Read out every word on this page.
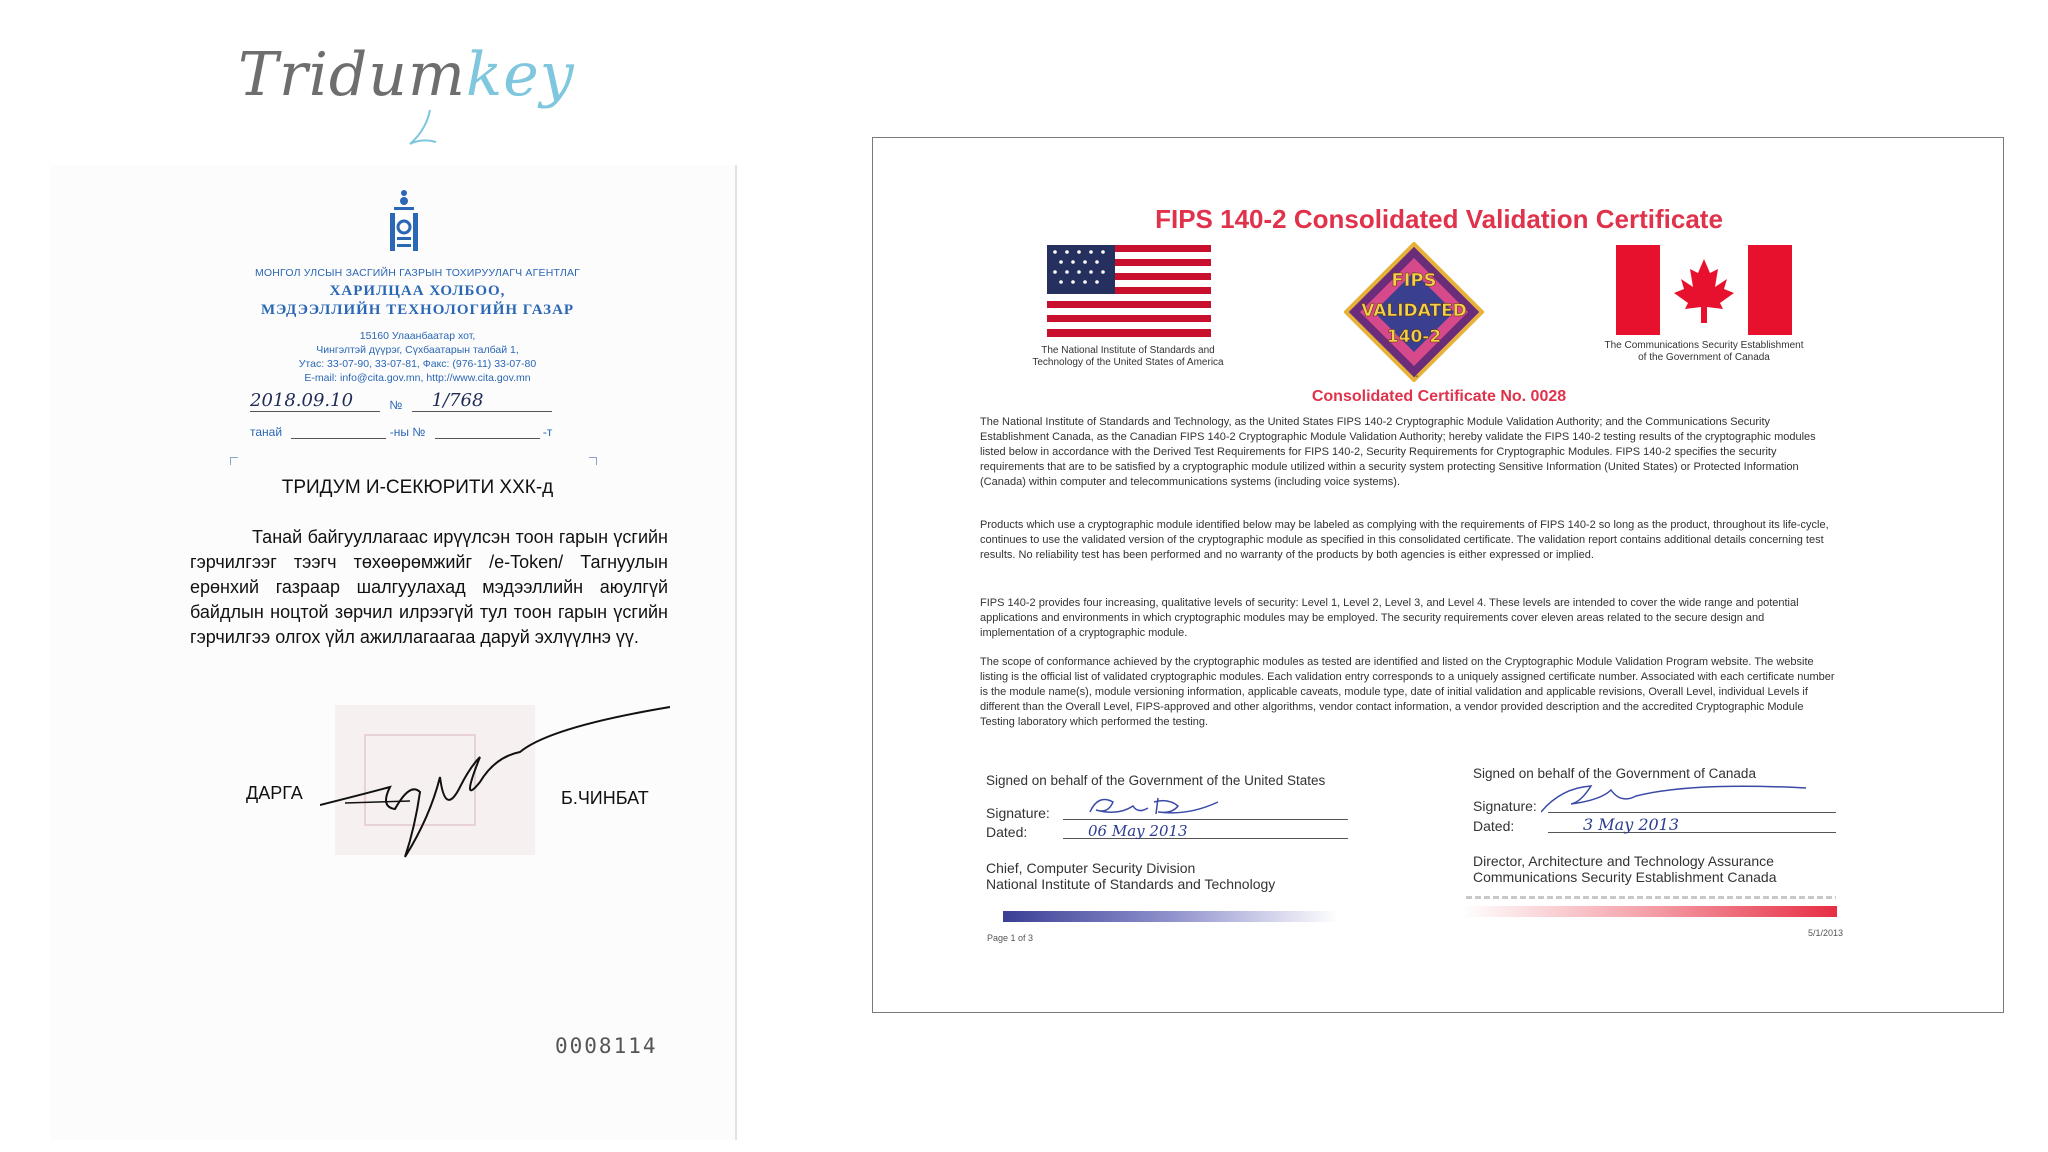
Tridumkey
МОНГОЛ УЛСЫН ЗАСГИЙН ГАЗРЫН ТОХИРУУЛАГЧ АГЕНТЛАГ
ХАРИЛЦАА ХОЛБОО,
МЭДЭЭЛЛИЙН ТЕХНОЛОГИЙН ГАЗАР
15160 Улаанбаатар хот,
Чингэлтэй дүүрэг, Сүхбаатарын талбай 1,
Утас: 33-07-90, 33-07-81, Факс: (976-11) 33-07-80
E-mail: info@cita.gov.mn, http://www.cita.gov.mn
2018.09.10	№ 1/768
танай	-ны №	-т
ТРИДУМ И-СЕКЮРИТИ ХХК-д
Танай байгууллагаас ирүүлсэн тоон гарын үсгийн гэрчилгээг тээгч төхөөрөмжийг /e-Token/ Тагнуулын ерөнхий газраар шалгуулахад мэдээллийн аюулгүй байдлын ноцтой зөрчил илрээгүй тул тоон гарын үсгийн гэрчилгээ олгох үйл ажиллагаагаа даруй эхлүүлнэ үү.
ДАРГА	Б.ЧИНБАТ
0008114
FIPS 140-2 Consolidated Validation Certificate
The National Institute of Standards and Technology of the United States of America
FIPS
VALIDATED
140-2
™
The Communications Security Establishment of the Government of Canada
Consolidated Certificate No. 0028
The National Institute of Standards and Technology, as the United States FIPS 140-2 Cryptographic Module Validation Authority; and the Communications Security Establishment Canada, as the Canadian FIPS 140-2 Cryptographic Module Validation Authority; hereby validate the FIPS 140-2 testing results of the cryptographic modules listed below in accordance with the Derived Test Requirements for FIPS 140-2, Security Requirements for Cryptographic Modules. FIPS 140-2 specifies the security requirements that are to be satisfied by a cryptographic module utilized within a security system protecting Sensitive Information (United States) or Protected Information (Canada) within computer and telecommunications systems (including voice systems).
Products which use a cryptographic module identified below may be labeled as complying with the requirements of FIPS 140-2 so long as the product, throughout its life-cycle, continues to use the validated version of the cryptographic module as specified in this consolidated certificate. The validation report contains additional details concerning test results. No reliability test has been performed and no warranty of the products by both agencies is either expressed or implied.
FIPS 140-2 provides four increasing, qualitative levels of security: Level 1, Level 2, Level 3, and Level 4. These levels are intended to cover the wide range and potential applications and environments in which cryptographic modules may be employed. The security requirements cover eleven areas related to the secure design and implementation of a cryptographic module.
The scope of conformance achieved by the cryptographic modules as tested are identified and listed on the Cryptographic Module Validation Program website. The website listing is the official list of validated cryptographic modules. Each validation entry corresponds to a uniquely assigned certificate number. Associated with each certificate number is the module name(s), module versioning information, applicable caveats, module type, date of initial validation and applicable revisions, Overall Level, individual Levels if different than the Overall Level, FIPS-approved and other algorithms, vendor contact information, a vendor provided description and the accredited Cryptographic Module Testing laboratory which performed the testing.
Signed on behalf of the Government of the United States
Signature:
Dated:	06 May 2013
Chief, Computer Security Division
National Institute of Standards and Technology
Signed on behalf of the Government of Canada
Signature:
Dated:	3 May 2013
Director, Architecture and Technology Assurance
Communications Security Establishment Canada
Page 1 of 3	5/1/2013
